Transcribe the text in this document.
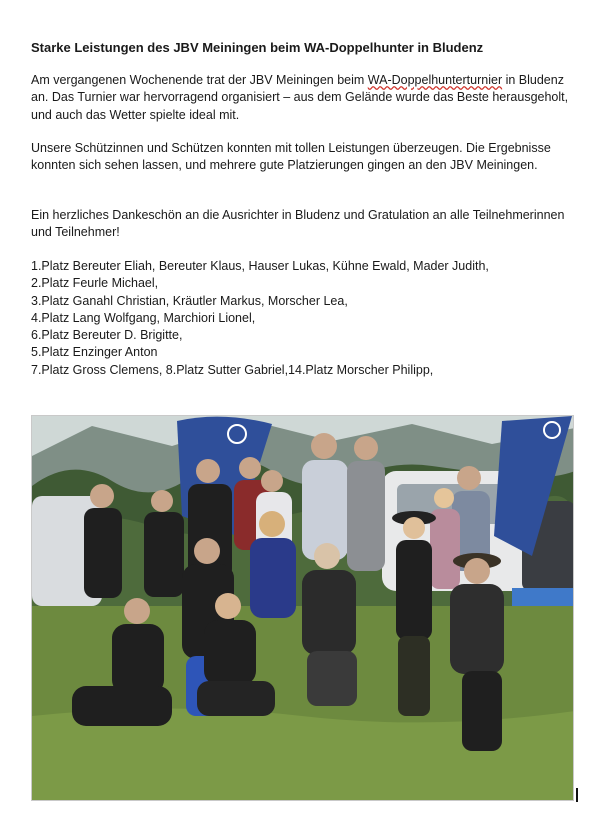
Starke Leistungen des JBV Meiningen beim WA-Doppelhunter in Bludenz

Am vergangenen Wochenende trat der JBV Meiningen beim WA-Doppelhunterturnier in Bludenz an. Das Turnier war hervorragend organisiert – aus dem Gelände wurde das Beste herausgeholt, und auch das Wetter spielte ideal mit.

Unsere Schützinnen und Schützen konnten mit tollen Leistungen überzeugen. Die Ergebnisse konnten sich sehen lassen, und mehrere gute Platzierungen gingen an den JBV Meiningen.

Ein herzliches Dankeschön an die Ausrichter in Bludenz und Gratulation an alle Teilnehmerinnen und Teilnehmer!

1.Platz Bereuter Eliah, Bereuter Klaus, Hauser Lukas, Kühne Ewald, Mader Judith,
2.Platz Feurle Michael,
3.Platz Ganahl Christian, Kräutler Markus, Morscher Lea,
4.Platz Lang Wolfgang, Marchiori Lionel,
6.Platz Bereuter D. Brigitte,
5.Platz Enzinger Anton
7.Platz Gross Clemens, 8.Platz Sutter Gabriel,14.Platz Morscher Philipp,
